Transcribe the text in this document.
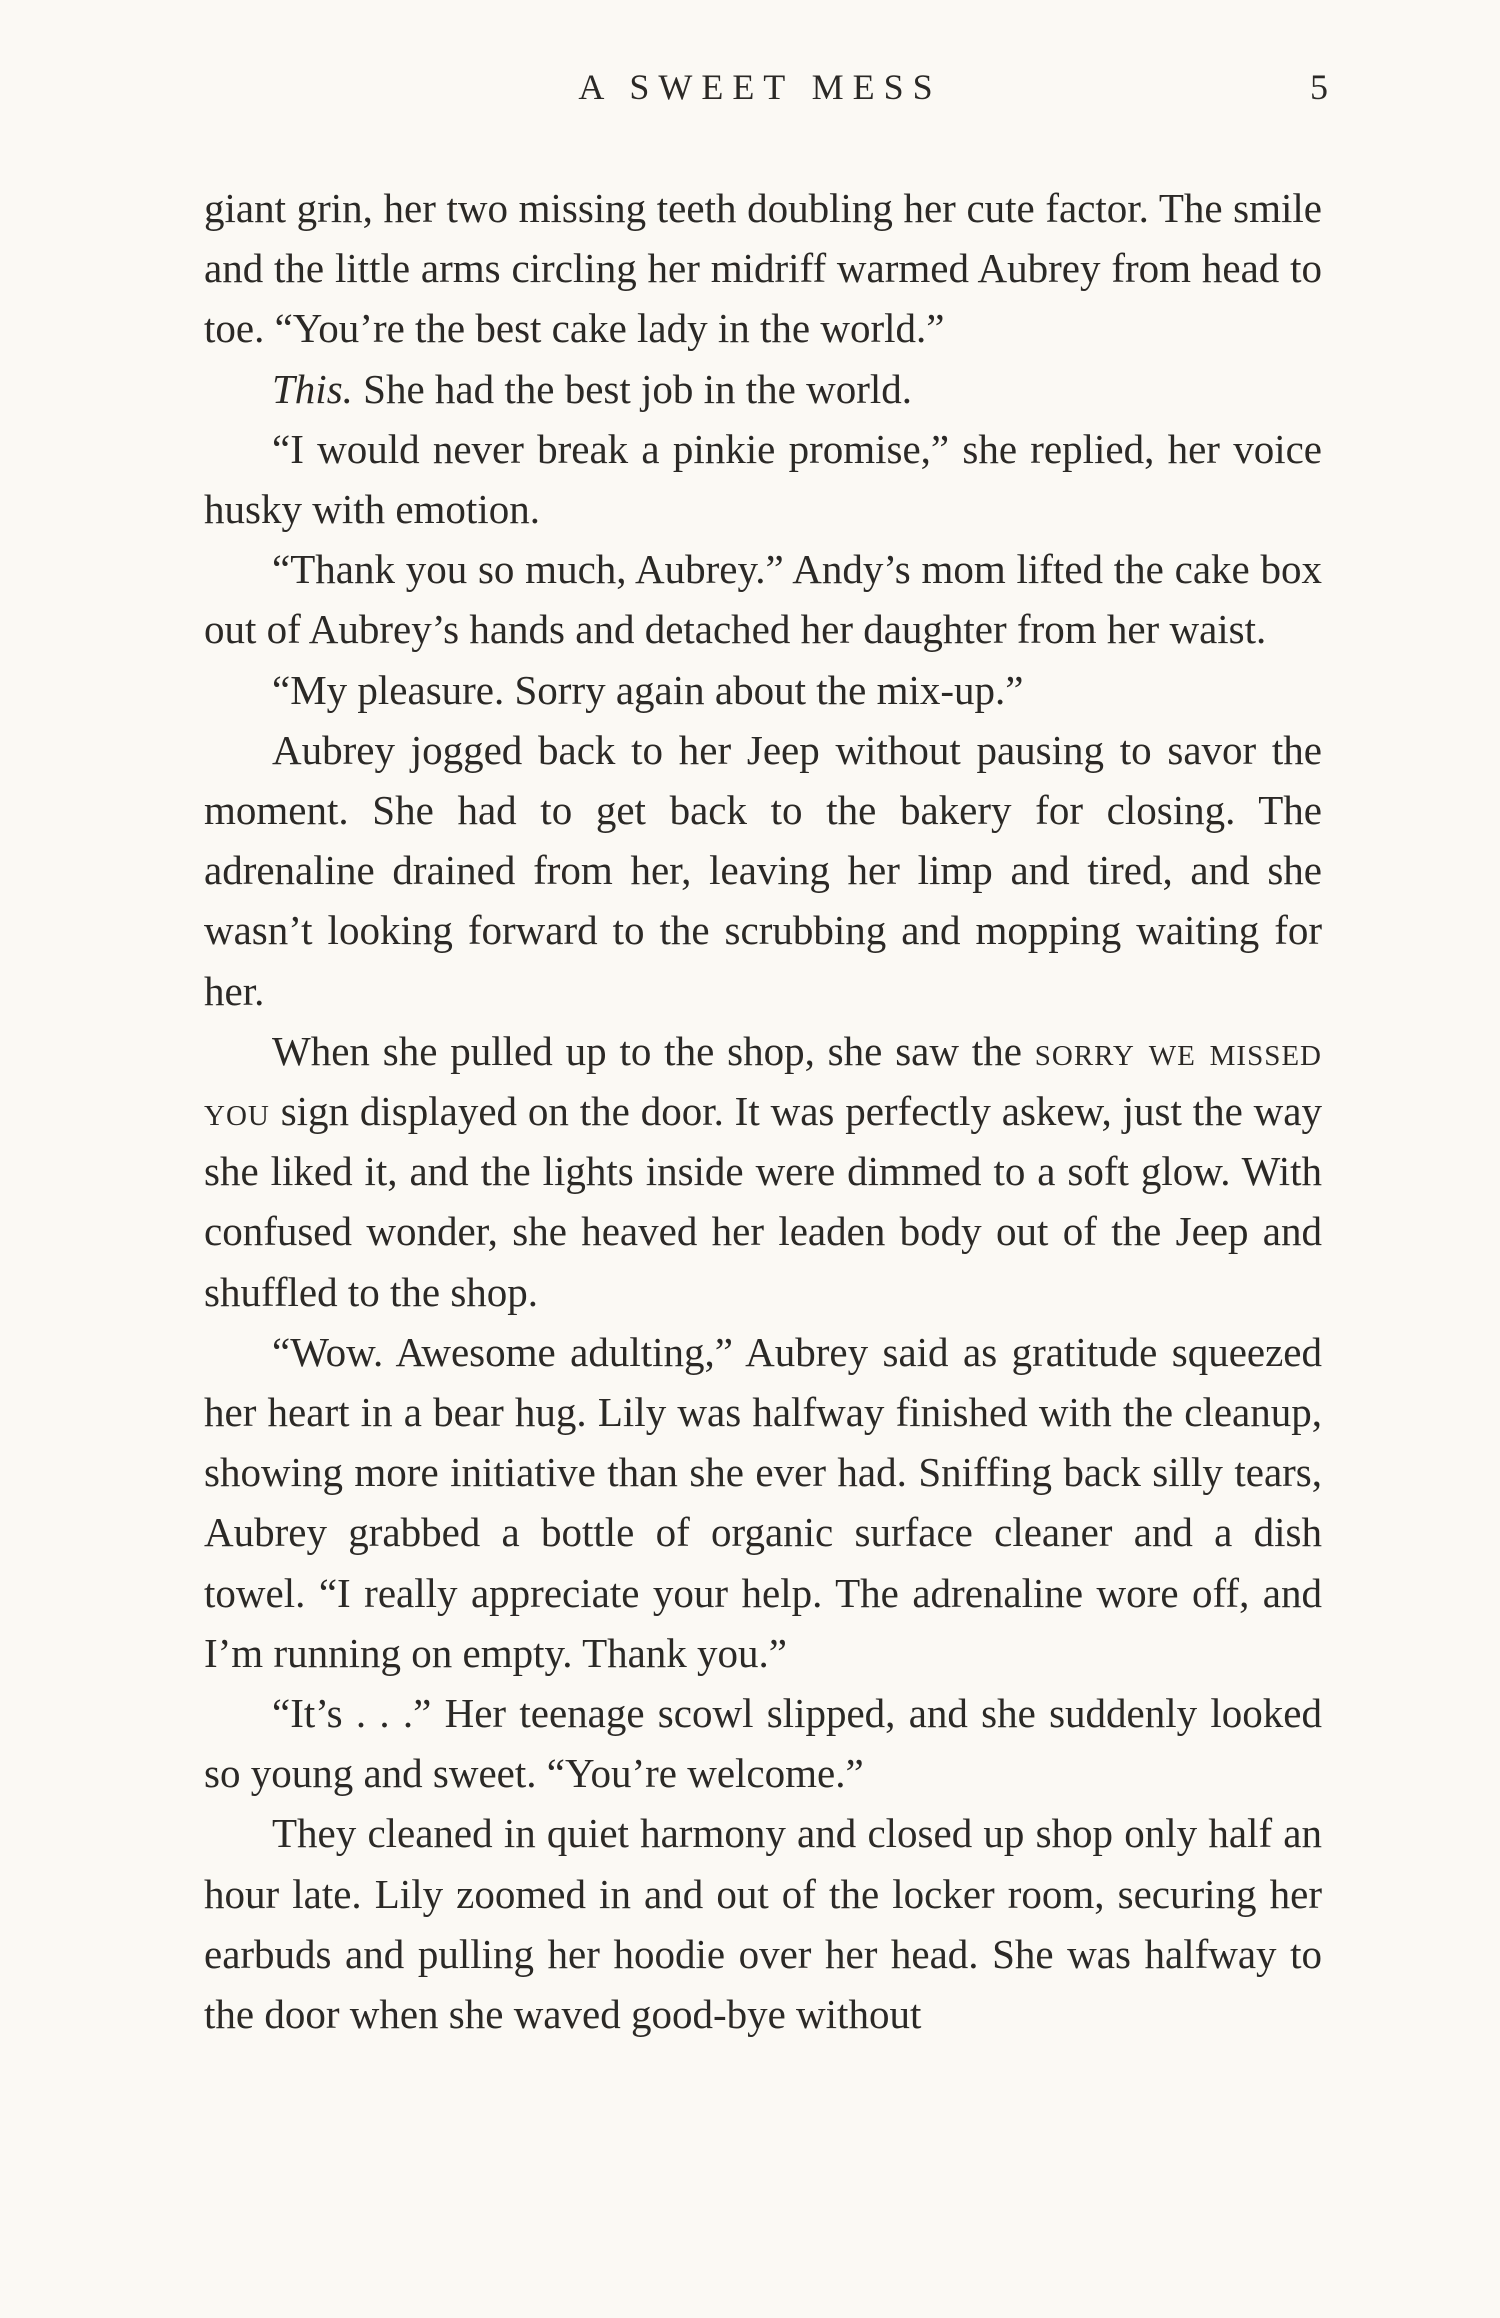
A SWEET MESS	5

giant grin, her two missing teeth doubling her cute factor. The smile and the little arms circling her midriff warmed Aubrey from head to toe. “You’re the best cake lady in the world.”

This. She had the best job in the world.

“I would never break a pinkie promise,” she replied, her voice husky with emotion.

“Thank you so much, Aubrey.” Andy’s mom lifted the cake box out of Aubrey’s hands and detached her daughter from her waist.

“My pleasure. Sorry again about the mix-up.”

Aubrey jogged back to her Jeep without pausing to savor the moment. She had to get back to the bakery for closing. The adrenaline drained from her, leaving her limp and tired, and she wasn’t looking forward to the scrubbing and mopping waiting for her.

When she pulled up to the shop, she saw the sorry we missed you sign displayed on the door. It was perfectly askew, just the way she liked it, and the lights inside were dimmed to a soft glow. With confused wonder, she heaved her leaden body out of the Jeep and shuffled to the shop.

“Wow. Awesome adulting,” Aubrey said as gratitude squeezed her heart in a bear hug. Lily was halfway finished with the cleanup, showing more initiative than she ever had. Sniffing back silly tears, Aubrey grabbed a bottle of organic surface cleaner and a dish towel. “I really appreciate your help. The adrenaline wore off, and I’m running on empty. Thank you.”

“It’s . . .” Her teenage scowl slipped, and she suddenly looked so young and sweet. “You’re welcome.”

They cleaned in quiet harmony and closed up shop only half an hour late. Lily zoomed in and out of the locker room, securing her earbuds and pulling her hoodie over her head. She was halfway to the door when she waved good-bye without
